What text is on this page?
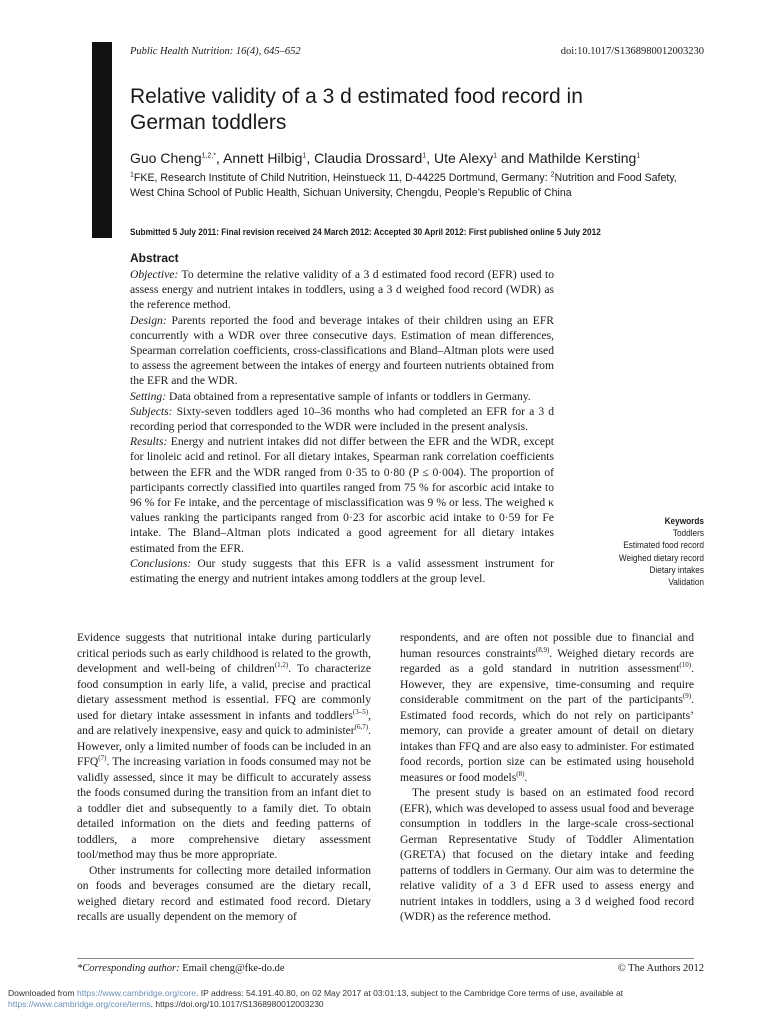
Public Health Nutrition: 16(4), 645–652	doi:10.1017/S1368980012003230
Relative validity of a 3 d estimated food record in German toddlers
Guo Cheng$^{1,2,*}$, Annett Hilbig$^1$, Claudia Drossard$^1$, Ute Alexy$^1$ and Mathilde Kersting$^1$
$^1$FKE, Research Institute of Child Nutrition, Heinstueck 11, D-44225 Dortmund, Germany: $^2$Nutrition and Food Safety, West China School of Public Health, Sichuan University, Chengdu, People’s Republic of China
Submitted 5 July 2011: Final revision received 24 March 2012: Accepted 30 April 2012: First published online 5 July 2012
Abstract

Objective: To determine the relative validity of a 3 d estimated food record (EFR) used to assess energy and nutrient intakes in toddlers, using a 3 d weighed food record (WDR) as the reference method.

Design: Parents reported the food and beverage intakes of their children using an EFR concurrently with a WDR over three consecutive days. Estimation of mean differences, Spearman correlation coefficients, cross-classifications and Bland–Altman plots were used to assess the agreement between the intakes of energy and fourteen nutrients obtained from the EFR and the WDR.

Setting: Data obtained from a representative sample of infants or toddlers in Germany.

Subjects: Sixty-seven toddlers aged 10–36 months who had completed an EFR for a 3 d recording period that corresponded to the WDR were included in the present analysis.

Results: Energy and nutrient intakes did not differ between the EFR and the WDR, except for linoleic acid and retinol. For all dietary intakes, Spearman rank correlation coefficients between the EFR and the WDR ranged from 0·35 to 0·80 (P ≤ 0·004). The proportion of participants correctly classified into quartiles ranged from 75 % for ascorbic acid intake to 96 % for Fe intake, and the percentage of misclassification was 9 % or less. The weighed κ values ranking the participants ranged from 0·23 for ascorbic acid intake to 0·59 for Fe intake. The Bland–Altman plots indicated a good agreement for all dietary intakes estimated from the EFR.

Conclusions: Our study suggests that this EFR is a valid assessment instrument for estimating the energy and nutrient intakes among toddlers at the group level.

Keywords
Toddlers
Estimated food record
Weighed dietary record
Dietary intakes
Validation

Evidence suggests that nutritional intake during particularly critical periods such as early childhood is related to the growth, development and well-being of children$^{(1,2)}$. To characterize food consumption in early life, a valid, precise and practical dietary assessment method is essential. FFQ are commonly used for dietary intake assessment in infants and toddlers$^{(3-5)}$, and are relatively inexpensive, easy and quick to administer$^{(6,7)}$. However, only a limited number of foods can be included in an FFQ$^{(7)}$. The increasing variation in foods consumed may not be validly assessed, since it may be difficult to accurately assess the foods consumed during the transition from an infant diet to a toddler diet and subsequently to a family diet. To obtain detailed information on the diets and feeding patterns of toddlers, a more comprehensive dietary assessment tool/method may thus be more appropriate.

Other instruments for collecting more detailed information on foods and beverages consumed are the dietary recall, weighed dietary record and estimated food record. Dietary recalls are usually dependent on the memory of

respondents, and are often not possible due to financial and human resources constraints$^{(8,9)}$. Weighed dietary records are regarded as a gold standard in nutrition assessment$^{(10)}$. However, they are expensive, time-consuming and require considerable commitment on the part of the participants$^{(9)}$. Estimated food records, which do not rely on participants’ memory, can provide a greater amount of detail on dietary intakes than FFQ and are also easy to administer. For estimated food records, portion size can be estimated using household measures or food models$^{(8)}$.

The present study is based on an estimated food record (EFR), which was developed to assess usual food and beverage consumption in toddlers in the large-scale cross-sectional German Representative Study of Toddler Alimentation (GRETA) that focused on the dietary intake and feeding patterns of toddlers in Germany. Our aim was to determine the relative validity of a 3 d EFR used to assess energy and nutrient intakes in toddlers, using a 3 d weighed food record (WDR) as the reference method.

*Corresponding author: Email cheng@fke-do.de	© The Authors 2012
Downloaded from https://www.cambridge.org/core. IP address: 54.191.40.80, on 02 May 2017 at 03:01:13, subject to the Cambridge Core terms of use, available at
https://www.cambridge.org/core/terms. https://doi.org/10.1017/S1368980012003230
